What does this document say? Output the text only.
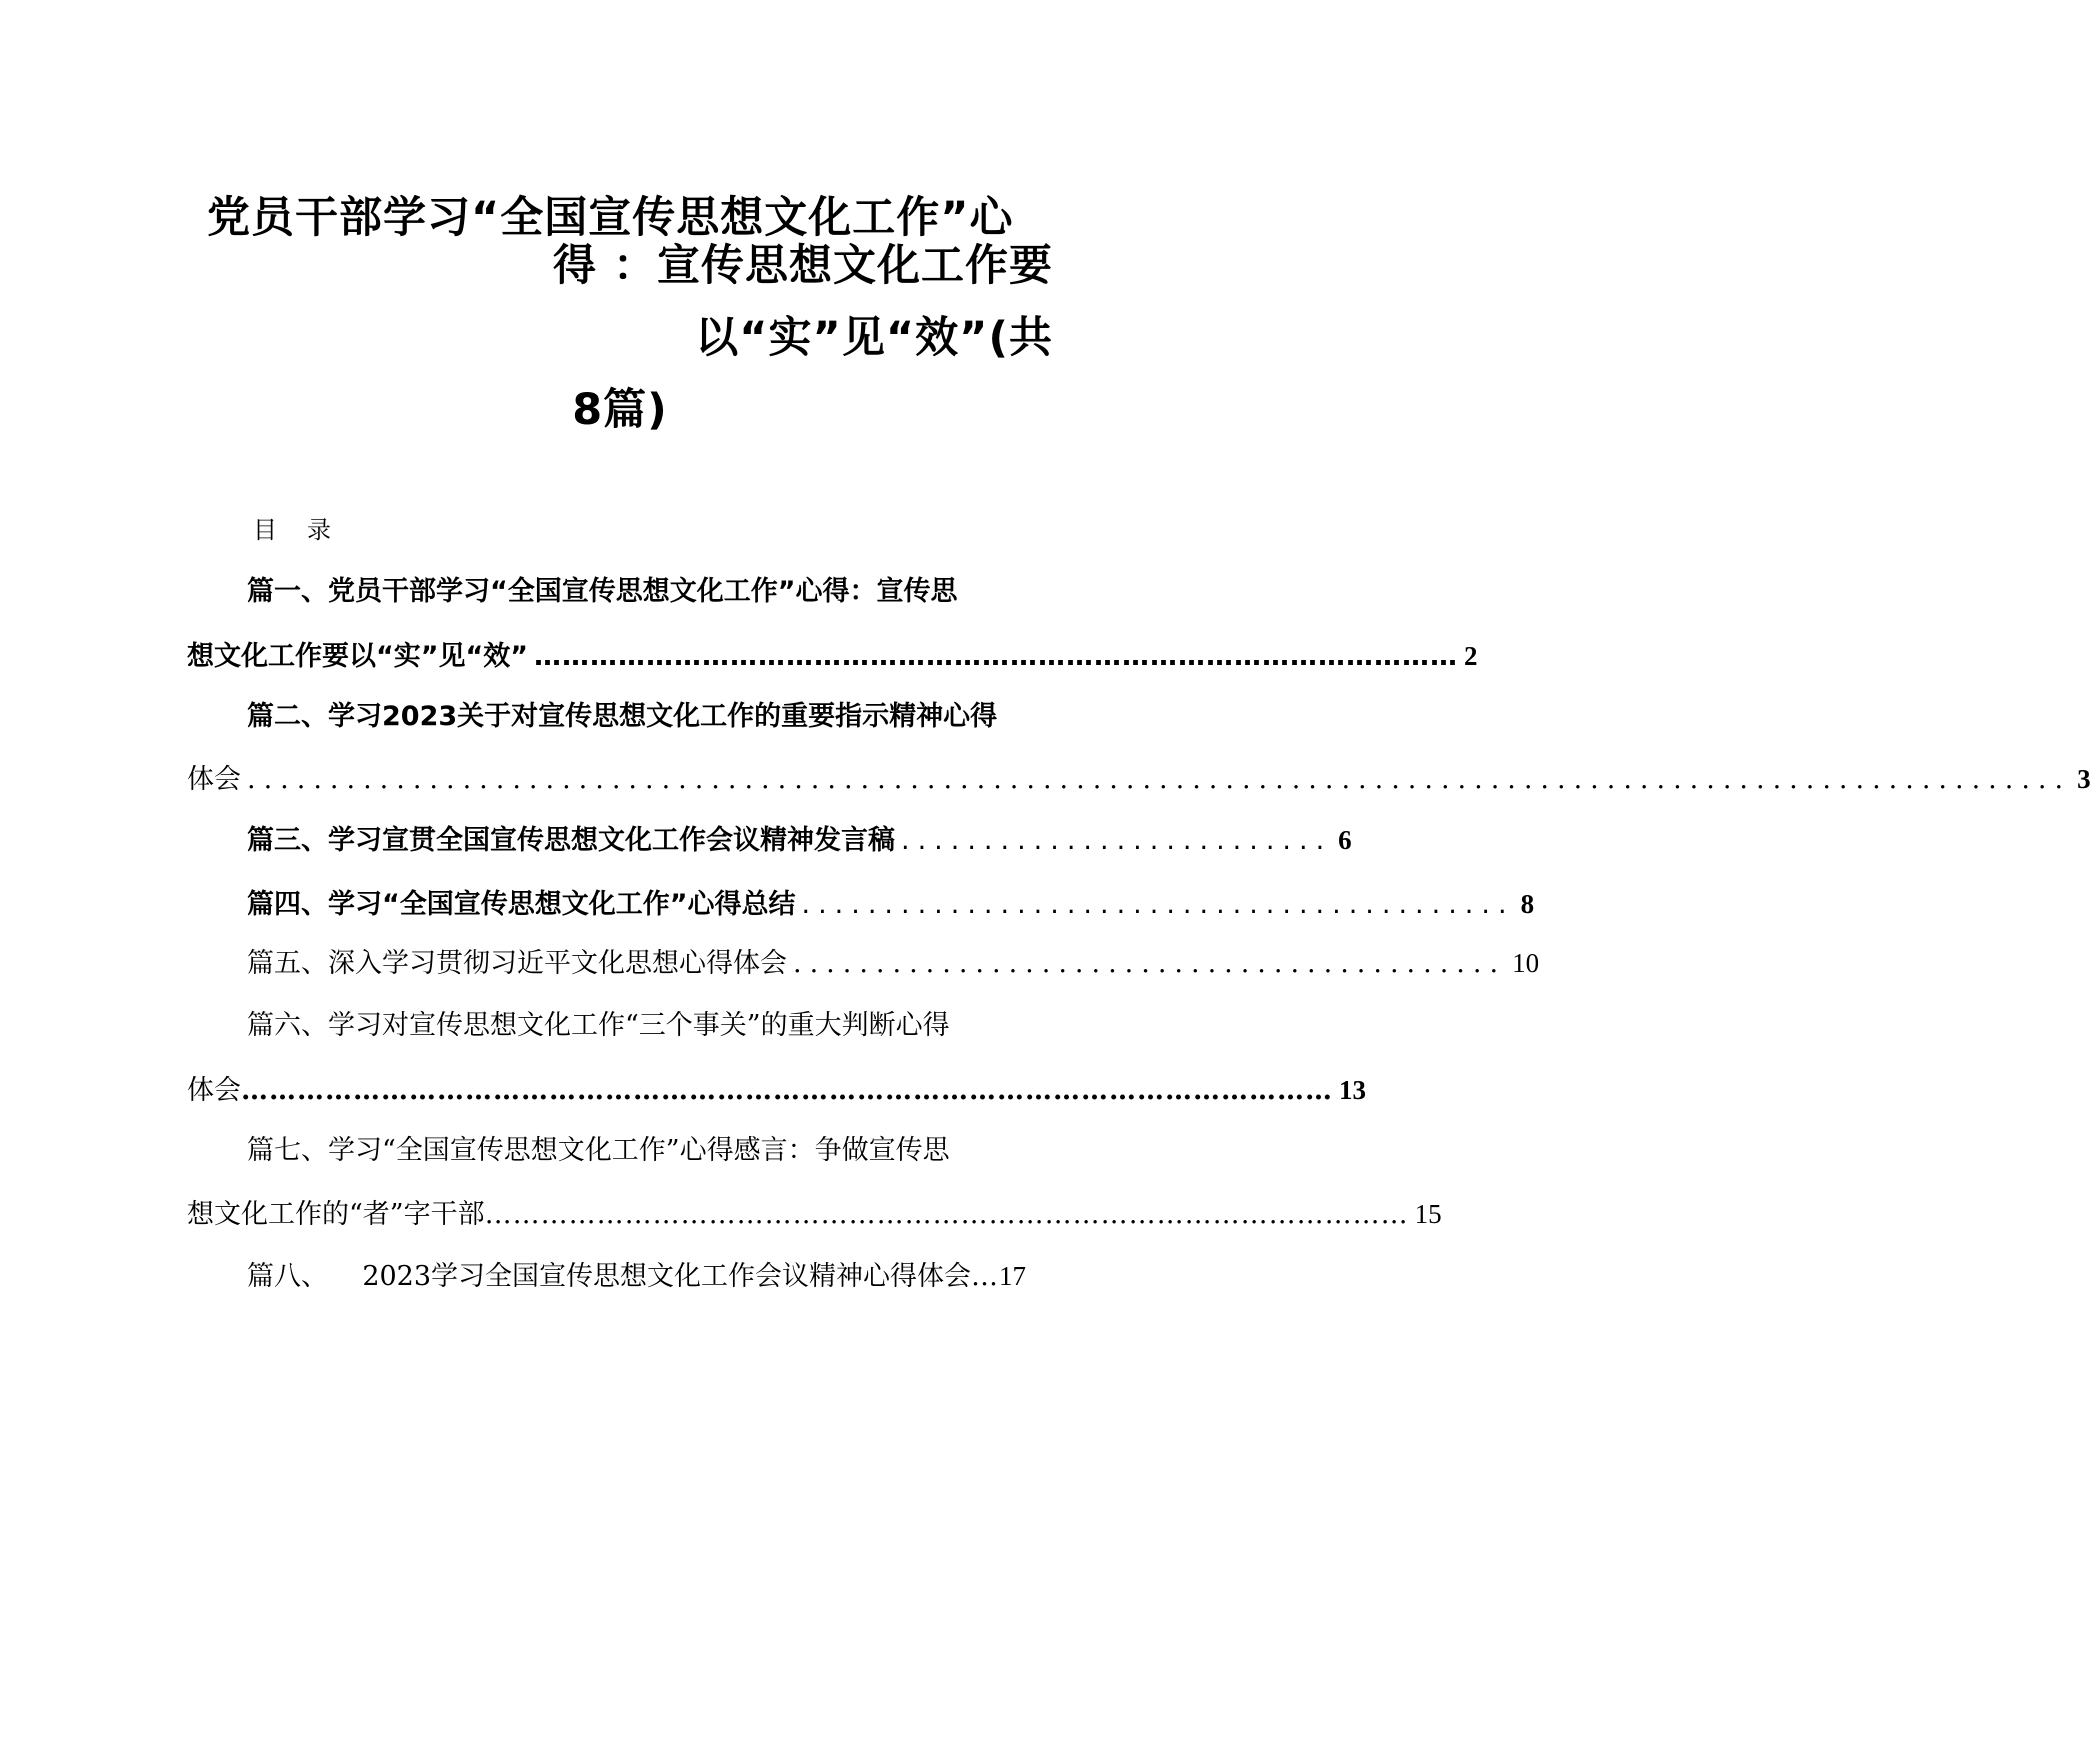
党员干部学习“全国宣传思想文化工作”心
得 ：宣传思想文化工作要
以“实”见“效”(共
8篇)
目录
篇一、党员干部学习“全国宣传思想文化工作”心得：宣传思
想文化工作要以“实”见“效” ……………………………………………………………………………………… 2
篇二、学习2023关于对宣传思想文化工作的重要指示精神心得
体会 .............................................................................................................. 3
篇三、学习宣贯全国宣传思想文化工作会议精神发言稿 .......................... 6
篇四、学习“全国宣传思想文化工作”心得总结 ........................................... 8
篇五、深入学习贯彻习近平文化思想心得体会 ........................................... 10
篇六、学习对宣传思想文化工作“三个事关”的重大判断心得
体会 ……………………………………………………………………………………………………… 13
篇七、学习“全国宣传思想文化工作”心得感言：争做宣传思
想文化工作的“者”字干部 ……………………………………………………………………………………… 15
篇八、    2023学习全国宣传思想文化工作会议精神心得体会 … 17
